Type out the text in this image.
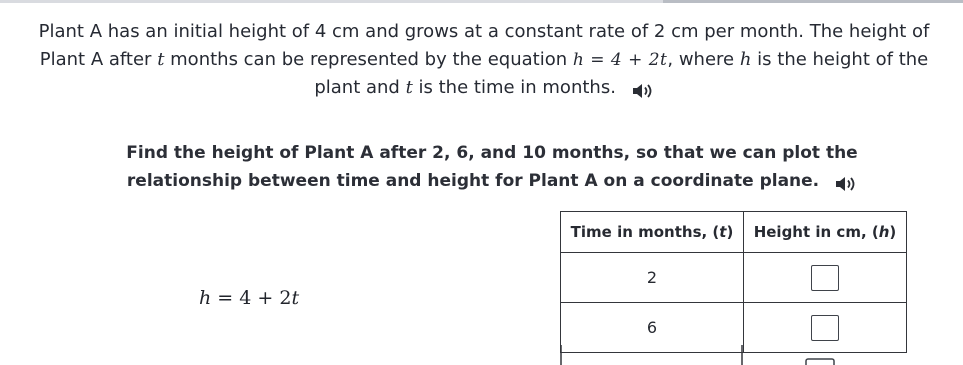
Plant A has an initial height of 4 cm and grows at a constant rate of 2 cm per month. The height of
Plant A after t months can be represented by the equation h = 4 + 2t, where h is the height of the
plant and t is the time in months.
Find the height of Plant A after 2, 6, and 10 months, so that we can plot the
relationship between time and height for Plant A on a coordinate plane.
h = 4 + 2t
Time in months, (t)	Height in cm, (h)
2	
6	
